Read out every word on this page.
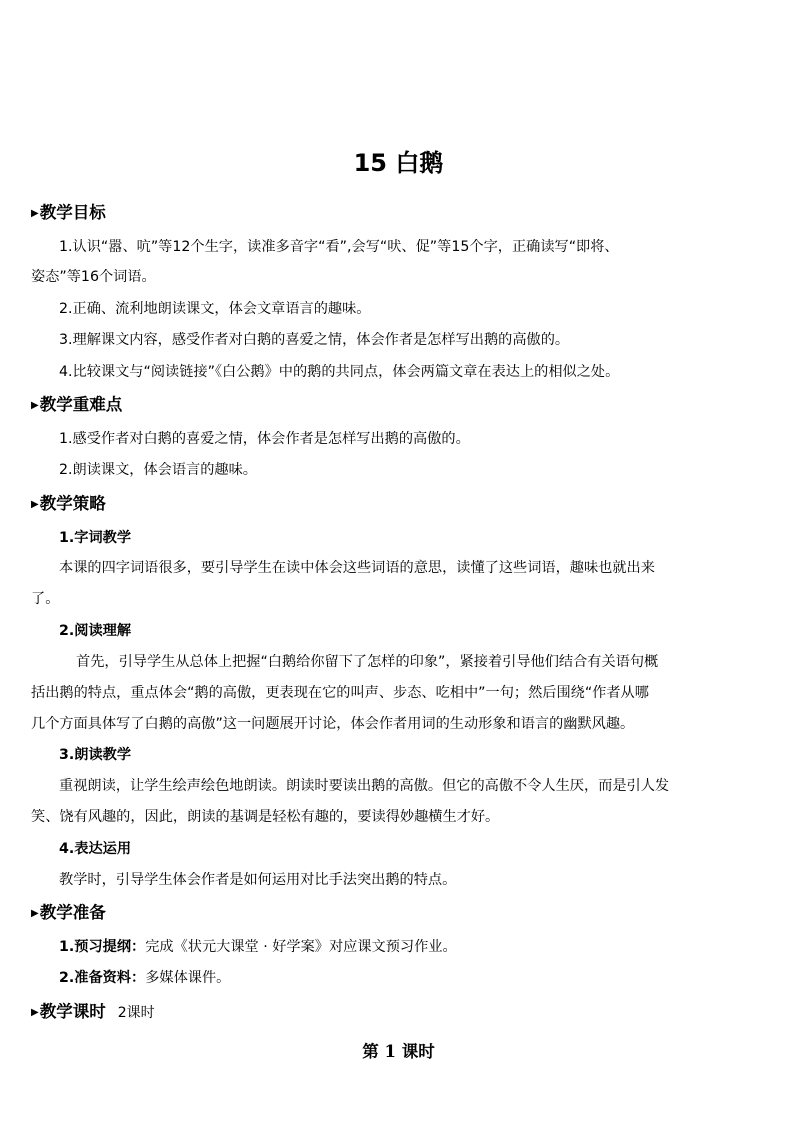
15 白鹅
▶教学目标
1.认识“嚣、吭”等12个生字，读准多音字“看”,会写“吠、促”等15个字，正确读写“即将、
姿态”等16个词语。
2.正确、流利地朗读课文，体会文章语言的趣味。
3.理解课文内容，感受作者对白鹅的喜爱之情，体会作者是怎样写出鹅的高傲的。
4.比较课文与“阅读链接”《白公鹅》中的鹅的共同点，体会两篇文章在表达上的相似之处。
▶教学重难点
1.感受作者对白鹅的喜爱之情，体会作者是怎样写出鹅的高傲的。
2.朗读课文，体会语言的趣味。
▶教学策略
1.字词教学
本课的四字词语很多，要引导学生在读中体会这些词语的意思，读懂了这些词语，趣味也就出来
了。
2.阅读理解
首先，引导学生从总体上把握“白鹅给你留下了怎样的印象”，紧接着引导他们结合有关语句概
括出鹅的特点，重点体会“鹅的高傲，更表现在它的叫声、步态、吃相中”一句；然后围绕“作者从哪
几个方面具体写了白鹅的高傲”这一问题展开讨论，体会作者用词的生动形象和语言的幽默风趣。
3.朗读教学
重视朗读，让学生绘声绘色地朗读。朗读时要读出鹅的高傲。但它的高傲不令人生厌，而是引人发
笑、饶有风趣的，因此，朗读的基调是轻松有趣的，要读得妙趣横生才好。
4.表达运用
教学时，引导学生体会作者是如何运用对比手法突出鹅的特点。
▶教学准备
1.预习提纲：完成《状元大课堂 · 好学案》对应课文预习作业。
2.准备资料：多媒体课件。
▶教学课时 2课时
第 1 课时
